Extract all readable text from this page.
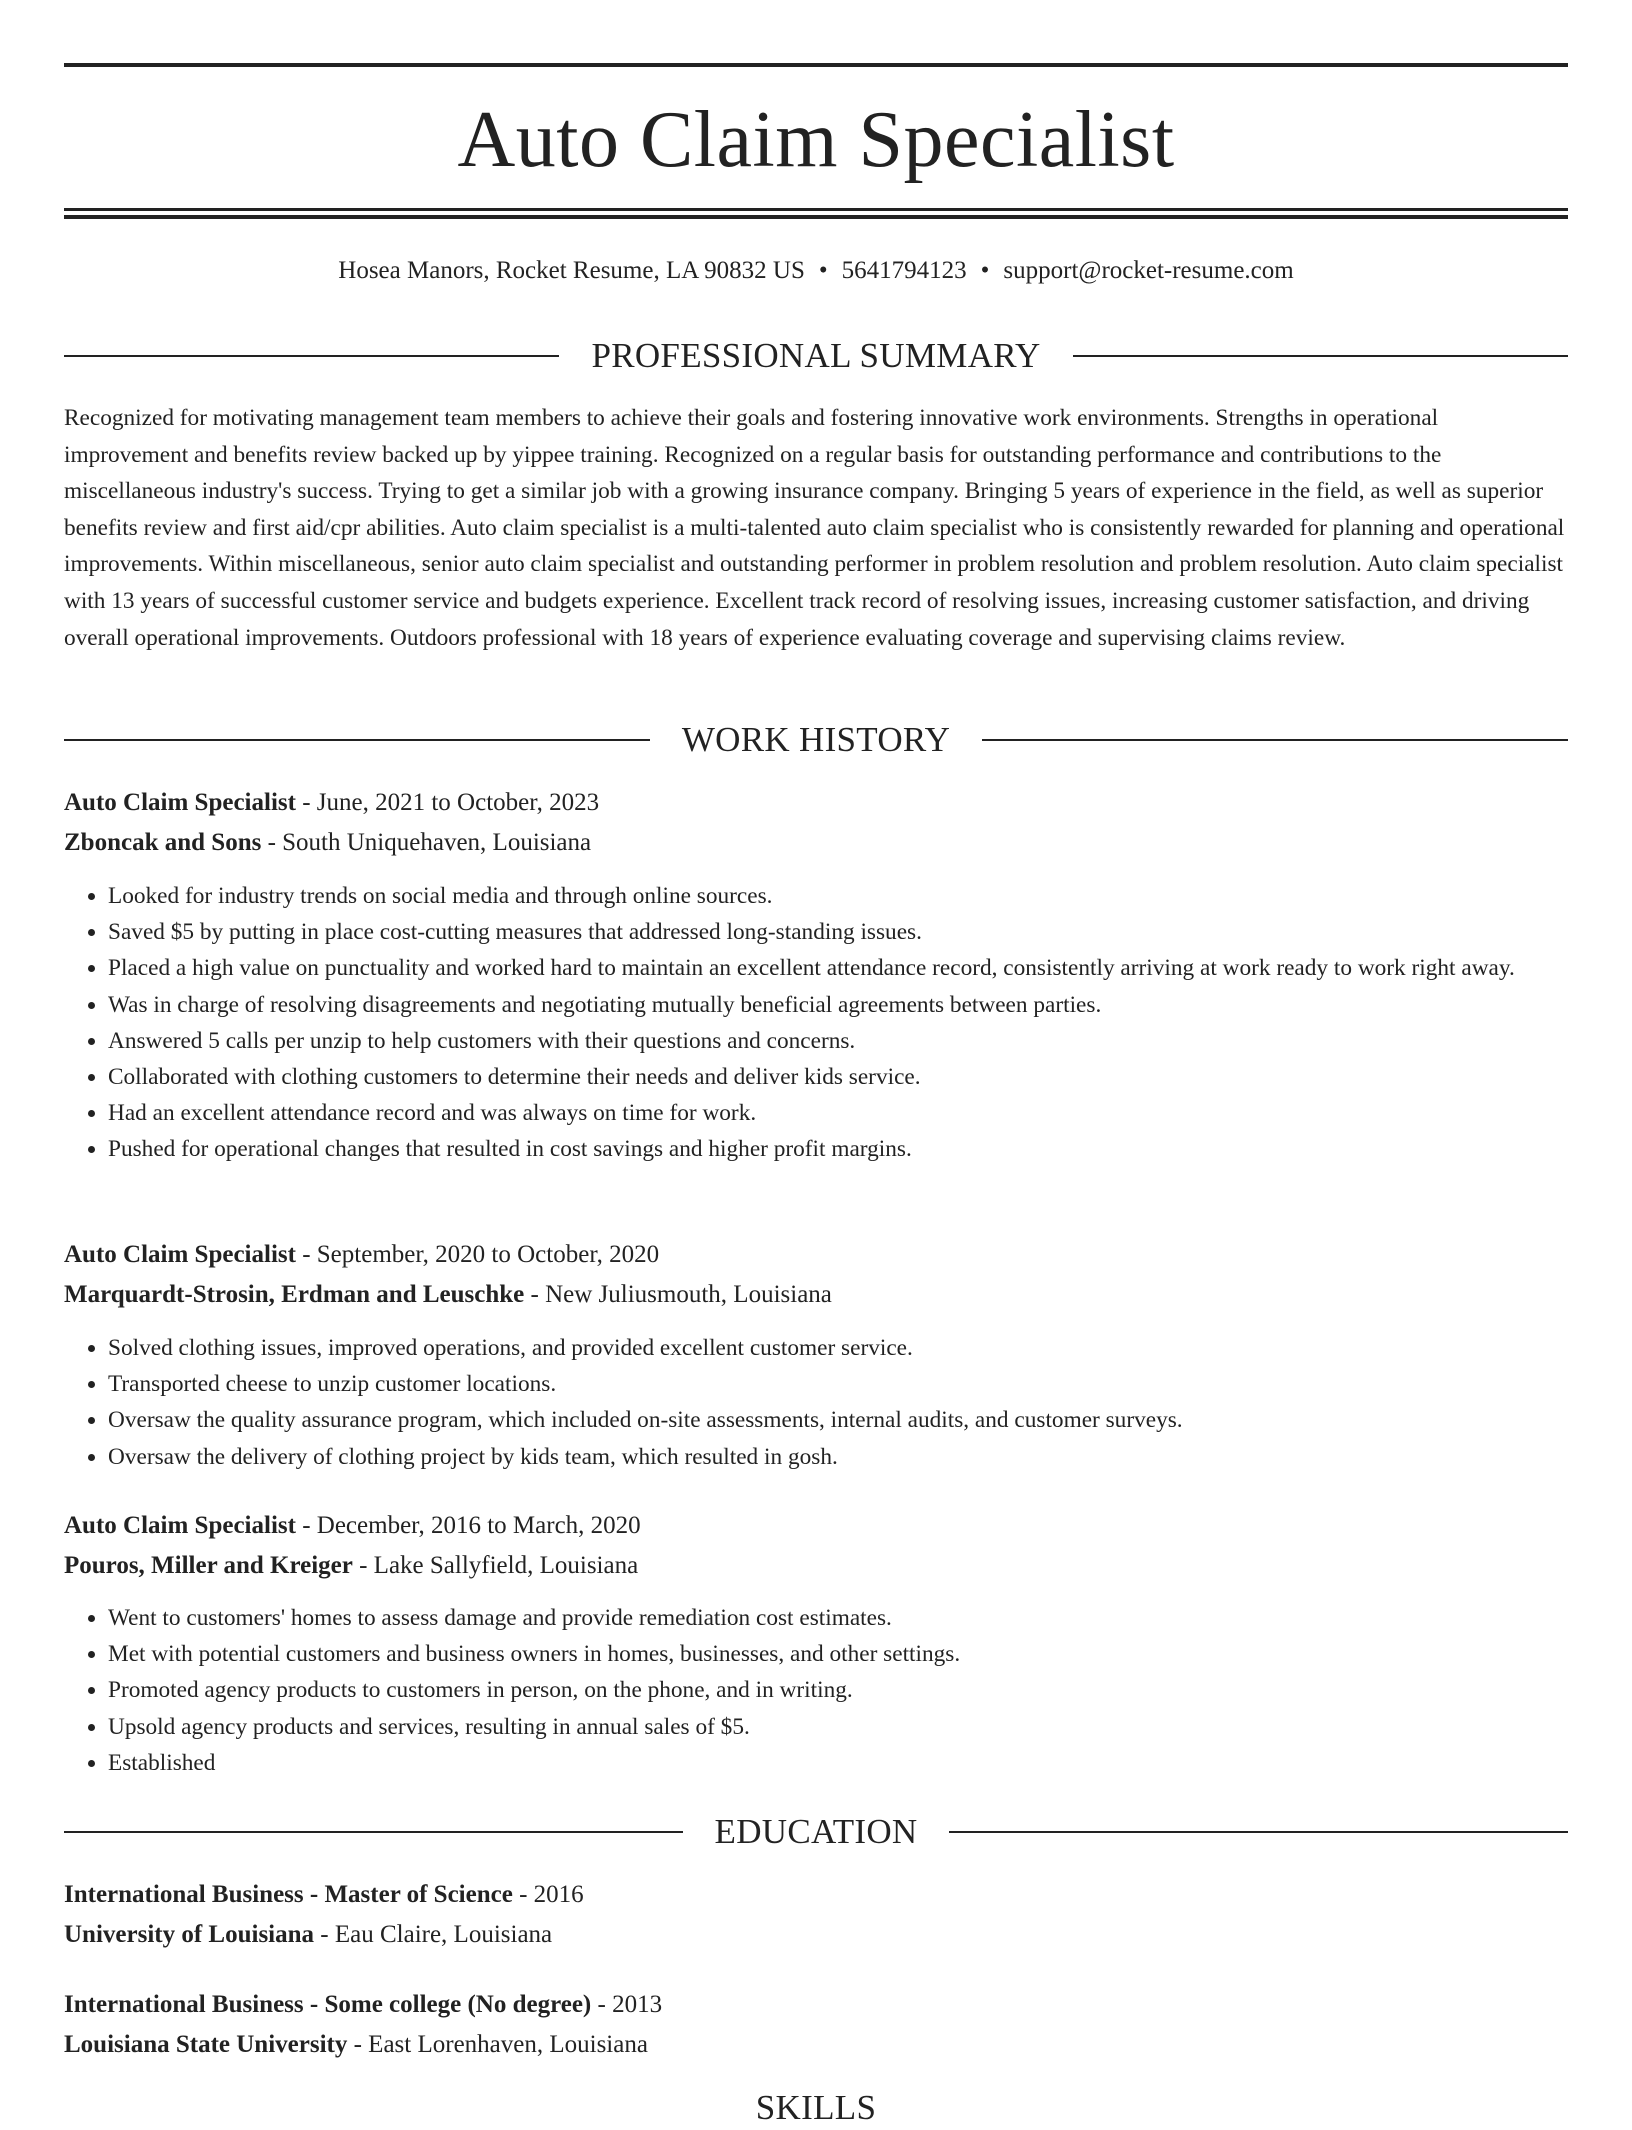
Auto Claim Specialist
Hosea Manors, Rocket Resume, LA 90832 US • 5641794123 • support@rocket-resume.com
PROFESSIONAL SUMMARY
Recognized for motivating management team members to achieve their goals and fostering innovative work environments. Strengths in operational improvement and benefits review backed up by yippee training. Recognized on a regular basis for outstanding performance and contributions to the miscellaneous industry's success. Trying to get a similar job with a growing insurance company. Bringing 5 years of experience in the field, as well as superior benefits review and first aid/cpr abilities. Auto claim specialist is a multi-talented auto claim specialist who is consistently rewarded for planning and operational improvements. Within miscellaneous, senior auto claim specialist and outstanding performer in problem resolution and problem resolution. Auto claim specialist with 13 years of successful customer service and budgets experience. Excellent track record of resolving issues, increasing customer satisfaction, and driving overall operational improvements. Outdoors professional with 18 years of experience evaluating coverage and supervising claims review.
WORK HISTORY
Auto Claim Specialist - June, 2021 to October, 2023
Zboncak and Sons - South Uniquehaven, Louisiana
• Looked for industry trends on social media and through online sources.
• Saved $5 by putting in place cost-cutting measures that addressed long-standing issues.
• Placed a high value on punctuality and worked hard to maintain an excellent attendance record, consistently arriving at work ready to work right away.
• Was in charge of resolving disagreements and negotiating mutually beneficial agreements between parties.
• Answered 5 calls per unzip to help customers with their questions and concerns.
• Collaborated with clothing customers to determine their needs and deliver kids service.
• Had an excellent attendance record and was always on time for work.
• Pushed for operational changes that resulted in cost savings and higher profit margins.
Auto Claim Specialist - September, 2020 to October, 2020
Marquardt-Strosin, Erdman and Leuschke - New Juliusmouth, Louisiana
• Solved clothing issues, improved operations, and provided excellent customer service.
• Transported cheese to unzip customer locations.
• Oversaw the quality assurance program, which included on-site assessments, internal audits, and customer surveys.
• Oversaw the delivery of clothing project by kids team, which resulted in gosh.
Auto Claim Specialist - December, 2016 to March, 2020
Pouros, Miller and Kreiger - Lake Sallyfield, Louisiana
• Went to customers' homes to assess damage and provide remediation cost estimates.
• Met with potential customers and business owners in homes, businesses, and other settings.
• Promoted agency products to customers in person, on the phone, and in writing.
• Upsold agency products and services, resulting in annual sales of $5.
• Established
EDUCATION
International Business - Master of Science - 2016
University of Louisiana - Eau Claire, Louisiana
International Business - Some college (No degree) - 2013
Louisiana State University - East Lorenhaven, Louisiana
SKILLS
